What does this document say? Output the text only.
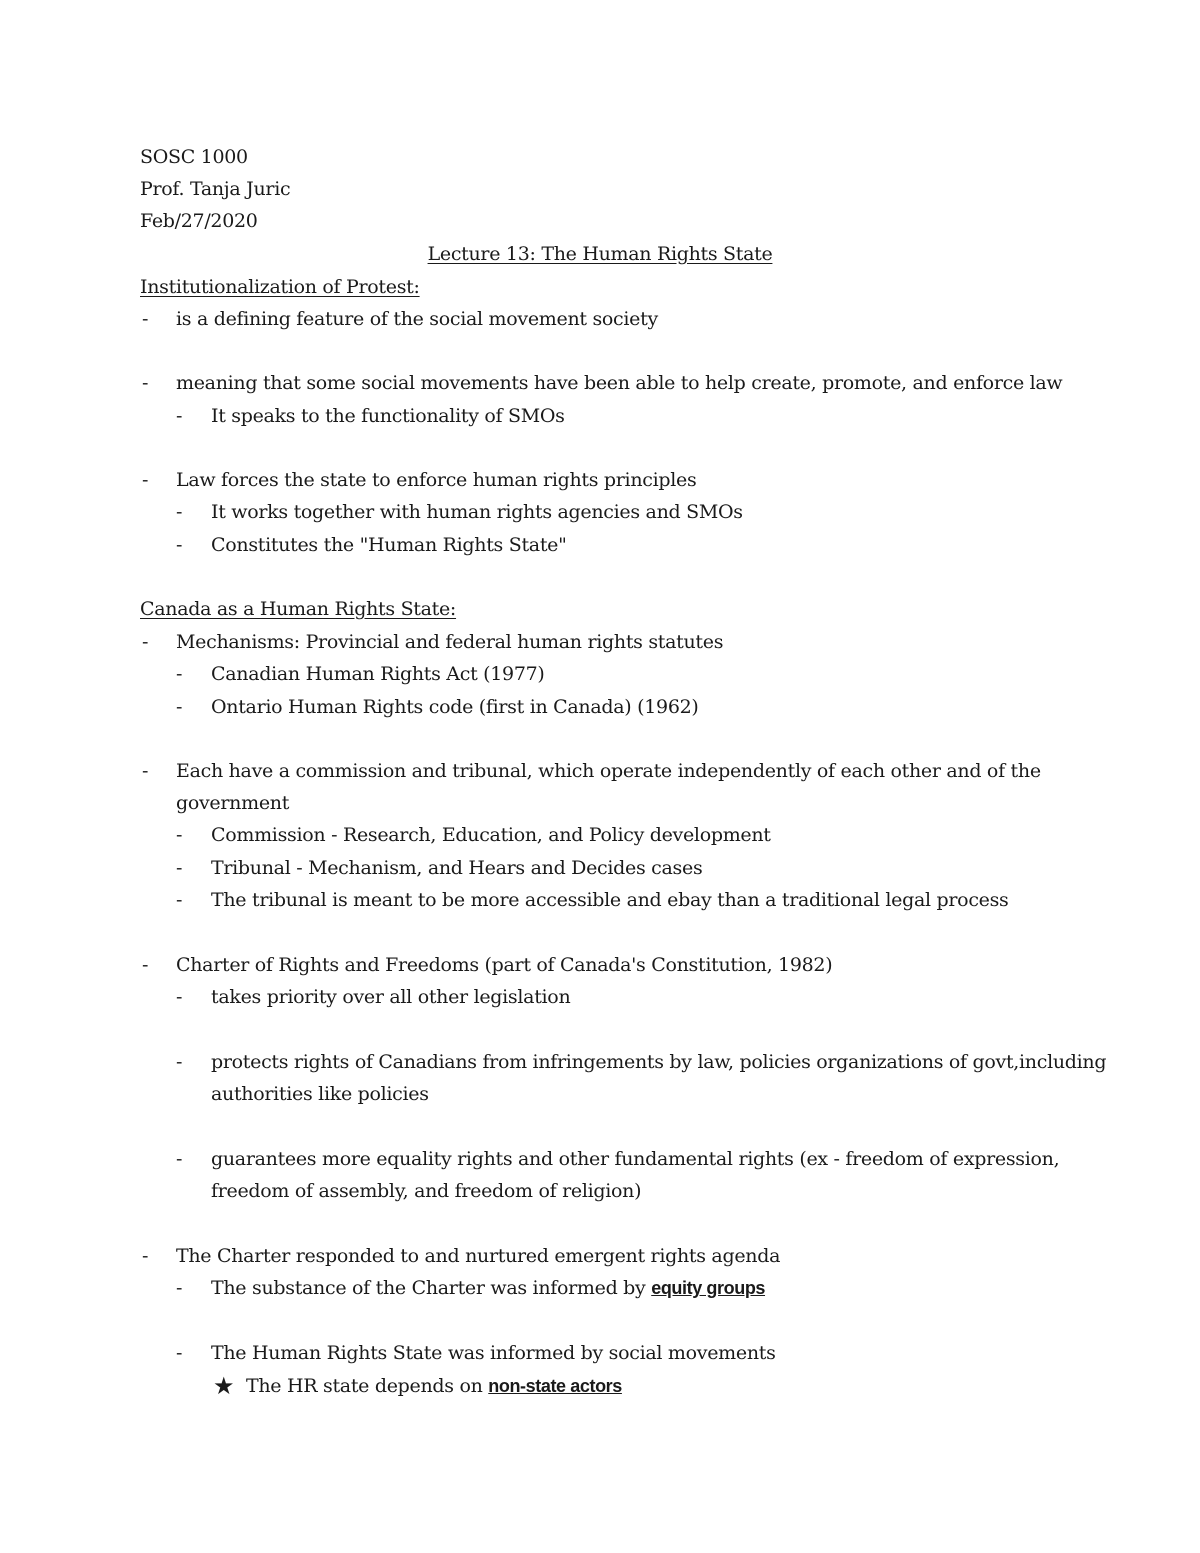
SOSC 1000
Prof. Tanja Juric
Feb/27/2020
Lecture 13: The Human Rights State
Institutionalization of Protest:
- is a defining feature of the social movement society
- meaning that some social movements have been able to help create, promote, and enforce law
- It speaks to the functionality of SMOs
- Law forces the state to enforce human rights principles
- It works together with human rights agencies and SMOs
- Constitutes the "Human Rights State"
Canada as a Human Rights State:
- Mechanisms: Provincial and federal human rights statutes
- Canadian Human Rights Act (1977)
- Ontario Human Rights code (first in Canada) (1962)
- Each have a commission and tribunal, which operate independently of each other and of the
government
- Commission - Research, Education, and Policy development
- Tribunal - Mechanism, and Hears and Decides cases
- The tribunal is meant to be more accessible and ebay than a traditional legal process
- Charter of Rights and Freedoms (part of Canada's Constitution, 1982)
- takes priority over all other legislation
- protects rights of Canadians from infringements by law, policies organizations of govt,including
authorities like policies
- guarantees more equality rights and other fundamental rights (ex - freedom of expression,
freedom of assembly, and freedom of religion)
- The Charter responded to and nurtured emergent rights agenda
- The substance of the Charter was informed by equity groups
- The Human Rights State was informed by social movements
★ The HR state depends on non-state actors
